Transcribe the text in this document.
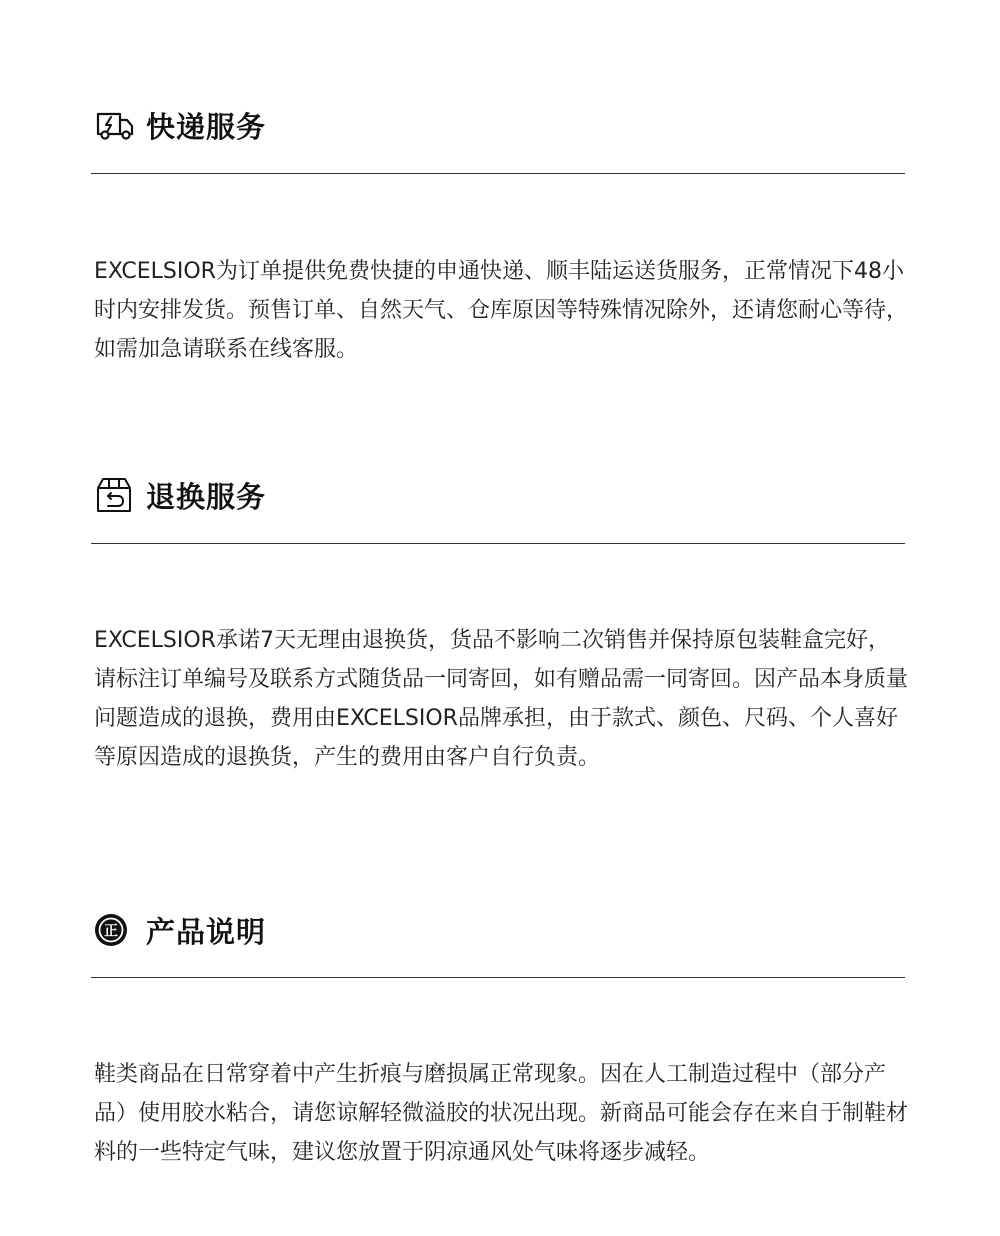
快递服务

EXCELSIOR为订单提供免费快捷的申通快递、顺丰陆运送货服务，正常情况下48小时内安排发货。预售订单、自然天气、仓库原因等特殊情况除外，还请您耐心等待，如需加急请联系在线客服。

退换服务

EXCELSIOR承诺7天无理由退换货，货品不影响二次销售并保持原包装鞋盒完好，请标注订单编号及联系方式随货品一同寄回，如有赠品需一同寄回。因产品本身质量问题造成的退换，费用由EXCELSIOR品牌承担，由于款式、颜色、尺码、个人喜好等原因造成的退换货，产生的费用由客户自行负责。

正 产品说明

鞋类商品在日常穿着中产生折痕与磨损属正常现象。因在人工制造过程中（部分产品）使用胶水粘合，请您谅解轻微溢胶的状况出现。新商品可能会存在来自于制鞋材料的一些特定气味，建议您放置于阴凉通风处气味将逐步减轻。
